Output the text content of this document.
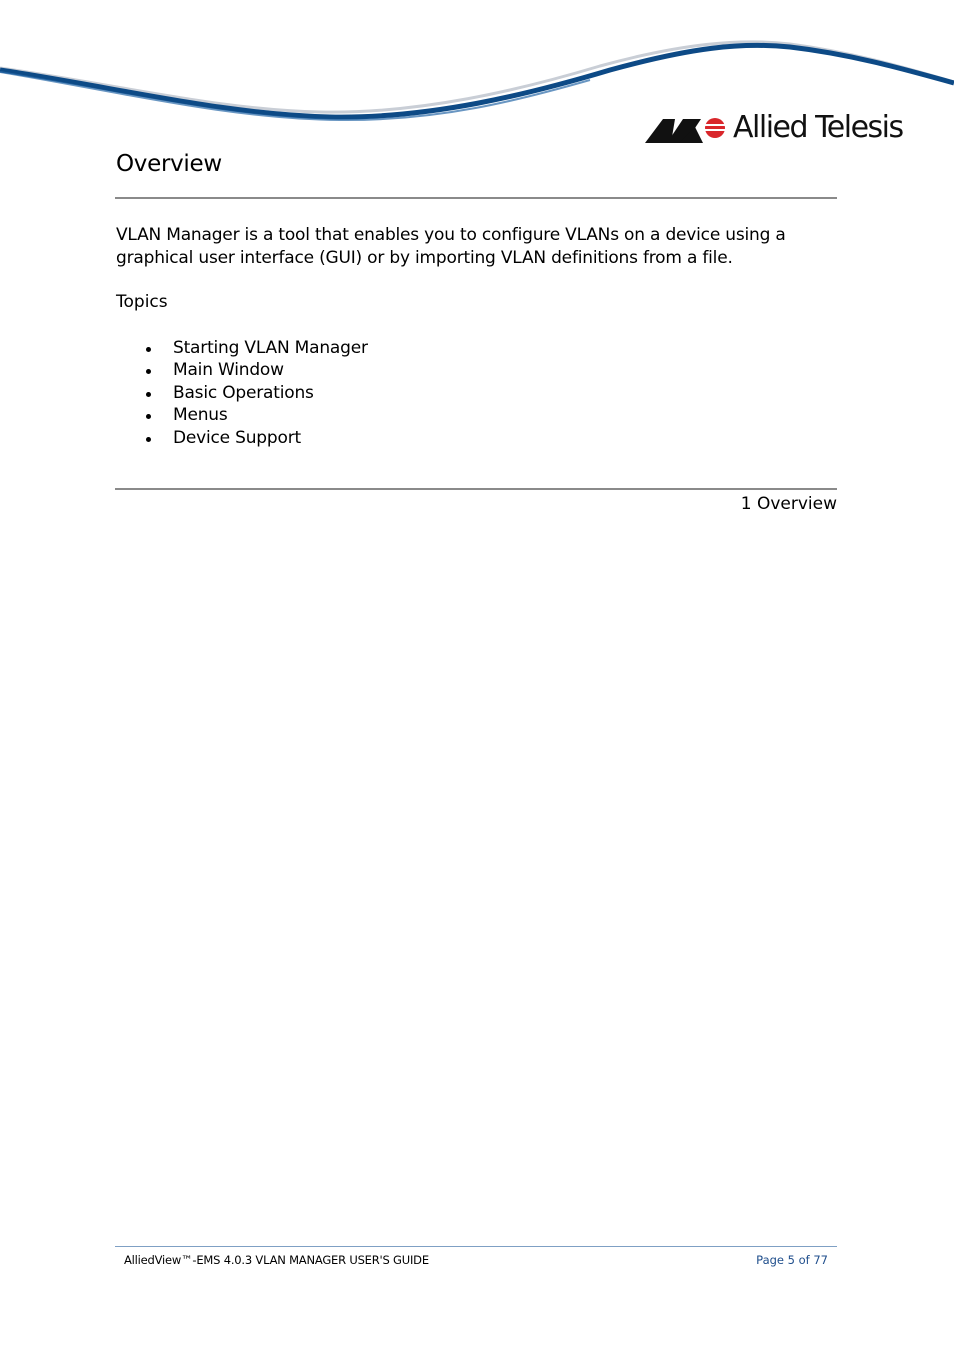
Allied Telesis
Overview

VLAN Manager is a tool that enables you to configure VLANs on a device using a graphical user interface (GUI) or by importing VLAN definitions from a file.

Topics

Starting VLAN Manager
Main Window
Basic Operations
Menus
Device Support
1 Overview
AlliedView™-EMS 4.0.3 VLAN MANAGER USER'S GUIDE	Page 5 of 77
